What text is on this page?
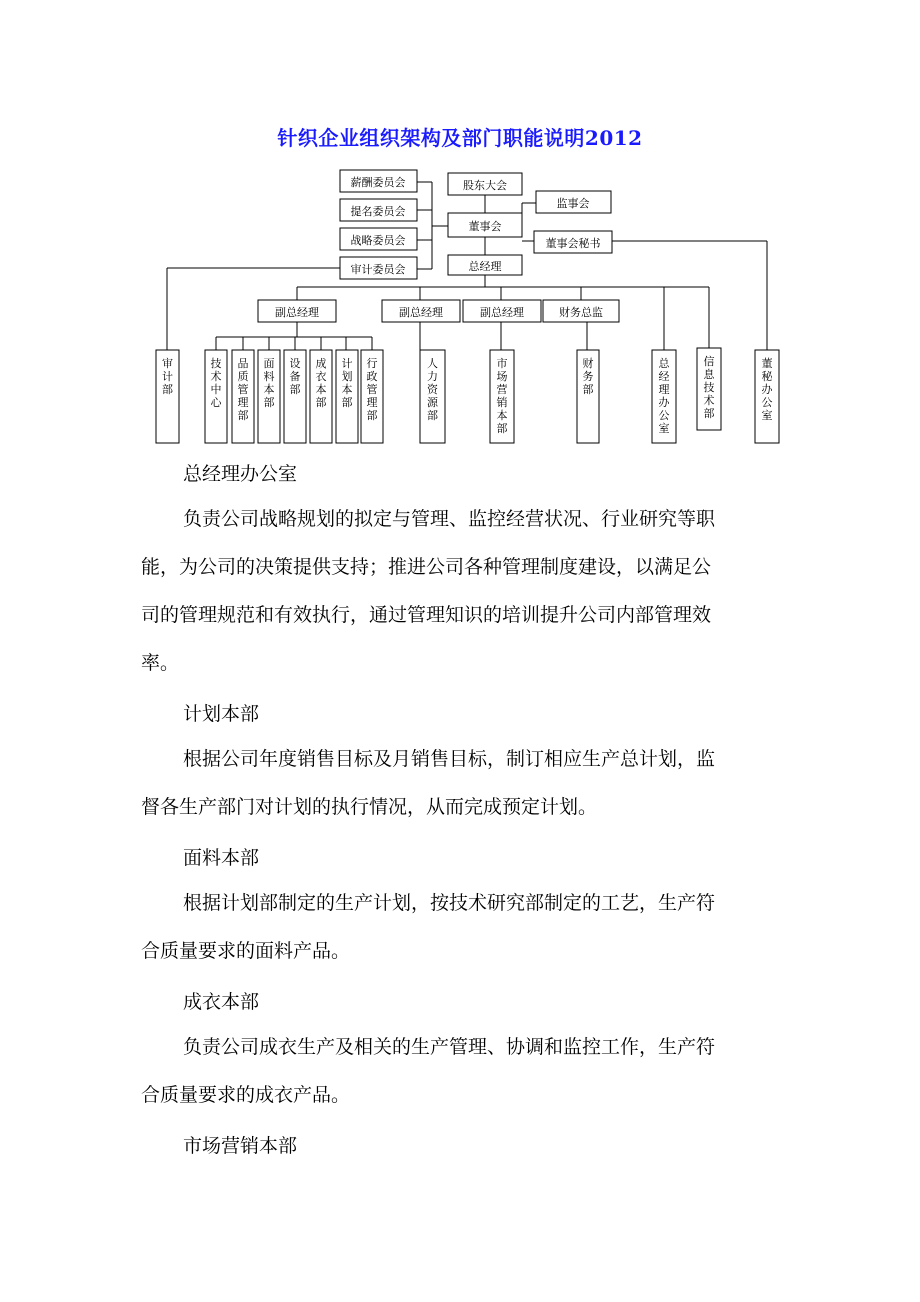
针织企业组织架构及部门职能说明2012
薪酬委员会
提名委员会
战略委员会
审计委员会
股东大会
监事会
董事会
董事会秘书
总经理
副总经理	副总经理	副总经理	财务总监
审计部
技术中心
品质管理部
面料本部
设备部
成衣本部
计划本部
行政管理部
人力资源部
市场营销本部
财务部
总经理办公室
信息技术部
董秘办公室
总经理办公室
负责公司战略规划的拟定与管理、监控经营状况、行业研究等职
能，为公司的决策提供支持；推进公司各种管理制度建设，以满足公
司的管理规范和有效执行，通过管理知识的培训提升公司内部管理效
率。
计划本部
根据公司年度销售目标及月销售目标，制订相应生产总计划，监
督各生产部门对计划的执行情况，从而完成预定计划。
面料本部
根据计划部制定的生产计划，按技术研究部制定的工艺，生产符
合质量要求的面料产品。
成衣本部
负责公司成衣生产及相关的生产管理、协调和监控工作，生产符
合质量要求的成衣产品。
市场营销本部
